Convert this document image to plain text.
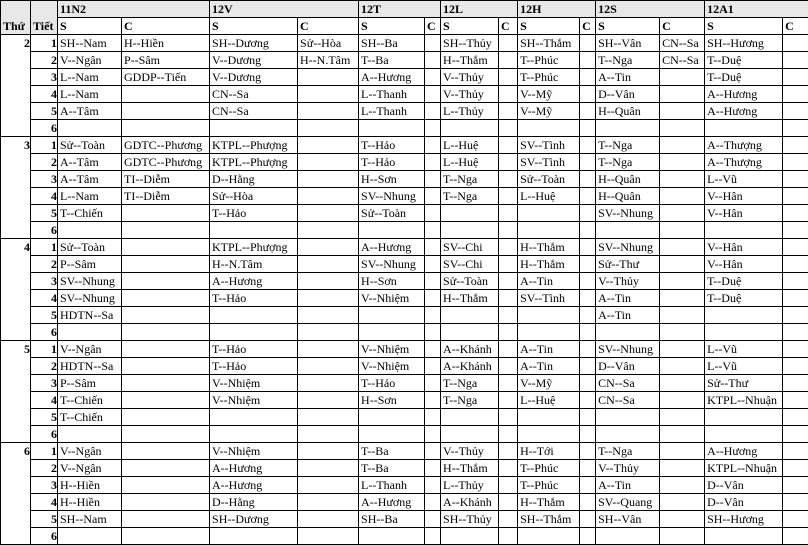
Thứ	Tiết	11N2		12V		12T		12L		12H		12S		12A1	
		S	C	S	C	S	C	S	C	S	C	S	C	S	C
2	1	SH--Nam	H--Hiền	SH--Dương	Sử--Hòa	SH--Ba		SH--Thủy		SH--Thắm		SH--Vân	CN--Sa	SH--Hương	
	2	V--Ngân	P--Sâm	V--Dương	H--N.Tâm	T--Ba		H--Thắm		T--Phúc		T--Nga	CN--Sa	T--Duệ	
	3	L--Nam	GDDP--Tiến	V--Dương		A--Hương		V--Thủy		T--Phúc		A--Tin		T--Duệ	
	4	L--Nam		CN--Sa		L--Thanh		V--Thủy		V--Mỹ		D--Vân		A--Hương	
	5	A--Tâm		CN--Sa		L--Thanh		L--Thủy		V--Mỹ		H--Quân		A--Hương	
	6														
3	1	Sử--Toàn	GDTC--Phương	KTPL--Phượng		T--Hảo		L--Huệ		SV--Tình		T--Nga		A--Thượng	
	2	A--Tâm	GDTC--Phương	KTPL--Phượng		T--Hảo		L--Huệ		SV--Tình		T--Nga		A--Thượng	
	3	A--Tâm	TI--Diễm	D--Hằng		H--Sơn		T--Nga		Sử--Toàn		H--Quân		L--Vũ	
	4	L--Nam	TI--Diễm	Sử--Hòa		SV--Nhung		T--Nga		L--Huệ		H--Quân		V--Hân	
	5	T--Chiến		T--Hảo		Sử--Toàn						SV--Nhung		V--Hân	
	6														
4	1	Sử--Toàn		KTPL--Phượng		A--Hương		SV--Chi		H--Thắm		SV--Nhung		V--Hân	
	2	P--Sâm		H--N.Tâm		SV--Nhung		SV--Chi		H--Thắm		Sử--Thư		V--Hân	
	3	SV--Nhung		A--Hương		H--Sơn		Sử--Toàn		A--Tin		V--Thủy		T--Duệ	
	4	SV--Nhung		T--Hảo		V--Nhiệm		H--Thắm		SV--Tình		A--Tin		T--Duệ	
	5	HDTN--Sa										A--Tin			
	6														
5	1	V--Ngân		T--Hảo		V--Nhiệm		A--Khánh		A--Tin		SV--Nhung		L--Vũ	
	2	HDTN--Sa		T--Hảo		V--Nhiệm		A--Khánh		A--Tin		D--Vân		L--Vũ	
	3	P--Sâm		V--Nhiệm		T--Hảo		T--Nga		V--Mỹ		CN--Sa		Sử--Thư	
	4	T--Chiến		V--Nhiệm		H--Sơn		T--Nga		L--Huệ		CN--Sa		KTPL--Nhuận	
	5	T--Chiến													
	6														
6	1	V--Ngân		V--Nhiệm		T--Ba		V--Thủy		H--Tới		T--Nga		A--Hương	
	2	V--Ngân		A--Hương		T--Ba		H--Thắm		T--Phúc		V--Thủy		KTPL--Nhuận	
	3	H--Hiền		A--Hương		L--Thanh		L--Thủy		T--Phúc		A--Tin		D--Vân	
	4	H--Hiền		D--Hằng		A--Hương		A--Khánh		H--Thắm		SV--Quang		D--Vân	
	5	SH--Nam		SH--Dương		SH--Ba		SH--Thủy		SH--Thắm		SH--Vân		SH--Hương	
	6														
